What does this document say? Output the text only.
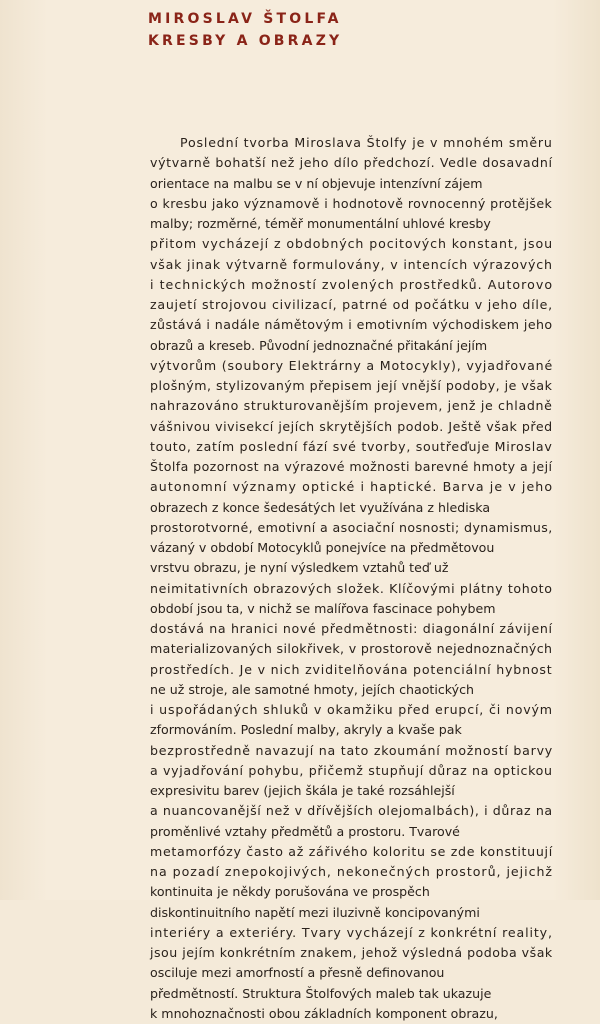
MIROSLAV ŠTOLFA
KRESBY A OBRAZY
Poslední tvorba Miroslava Štolfy je v mnohém směru
výtvarně bohatší než jeho dílo předchozí. Vedle dosavadní
orientace na malbu se v ní objevuje intenzívní zájem
o kresbu jako významově i hodnotově rovnocenný protějšek
malby; rozměrné, téměř monumentální uhlové kresby
přitom vycházejí z obdobných pocitových konstant, jsou
však jinak výtvarně formulovány, v intencích výrazových
i technických možností zvolených prostředků. Autorovo
zaujetí strojovou civilizací, patrné od počátku v jeho díle,
zůstává i nadále námětovým i emotivním východiskem jeho
obrazů a kreseb. Původní jednoznačné přitakání jejím
výtvorům (soubory Elektrárny a Motocykly), vyjadřované
plošným, stylizovaným přepisem její vnější podoby, je však
nahrazováno strukturovanějším projevem, jenž je chladně
vášnivou vivisekcí jejích skrytějších podob. Ještě však před
touto, zatím poslední fází své tvorby, soutřeďuje Miroslav
Štolfa pozornost na výrazové možnosti barevné hmoty a její
autonomní významy optické i haptické. Barva je v jeho
obrazech z konce šedesátých let využívána z hlediska
prostorotvorné, emotivní a asociační nosnosti; dynamismus,
vázaný v období Motocyklů ponejvíce na předmětovou
vrstvu obrazu, je nyní výsledkem vztahů teď už
neimitativních obrazových složek. Klíčovými plátny tohoto
období jsou ta, v nichž se malířova fascinace pohybem
dostává na hranici nové předmětnosti: diagonální závijení
materializovaných silokřivek, v prostorově nejednoznačných
prostředích. Je v nich zviditelňována potenciální hybnost
ne už stroje, ale samotné hmoty, jejích chaotických
i uspořádaných shluků v okamžiku před erupcí, či novým
zformováním. Poslední malby, akryly a kvaše pak
bezprostředně navazují na tato zkoumání možností barvy
a vyjadřování pohybu, přičemž stupňují důraz na optickou
expresivitu barev (jejich škála je také rozsáhlejší
a nuancovanější než v dřívějších olejomalbách), i důraz na
proměnlivé vztahy předmětů a prostoru. Tvarové
metamorfózy často až zářivého koloritu se zde konstituují
na pozadí znepokojivých, nekonečných prostorů, jejichž
kontinuita je někdy porušována ve prospěch
diskontinuitního napětí mezi iluzivně koncipovanými
interiéry a exteriéry. Tvary vycházejí z konkrétní reality,
jsou jejím konkrétním znakem, jehož výsledná podoba však
osciluje mezi amorfností a přesně definovanou
předmětností. Struktura Štolfových maleb tak ukazuje
k mnohoznačnosti obou základních komponent obrazu,
